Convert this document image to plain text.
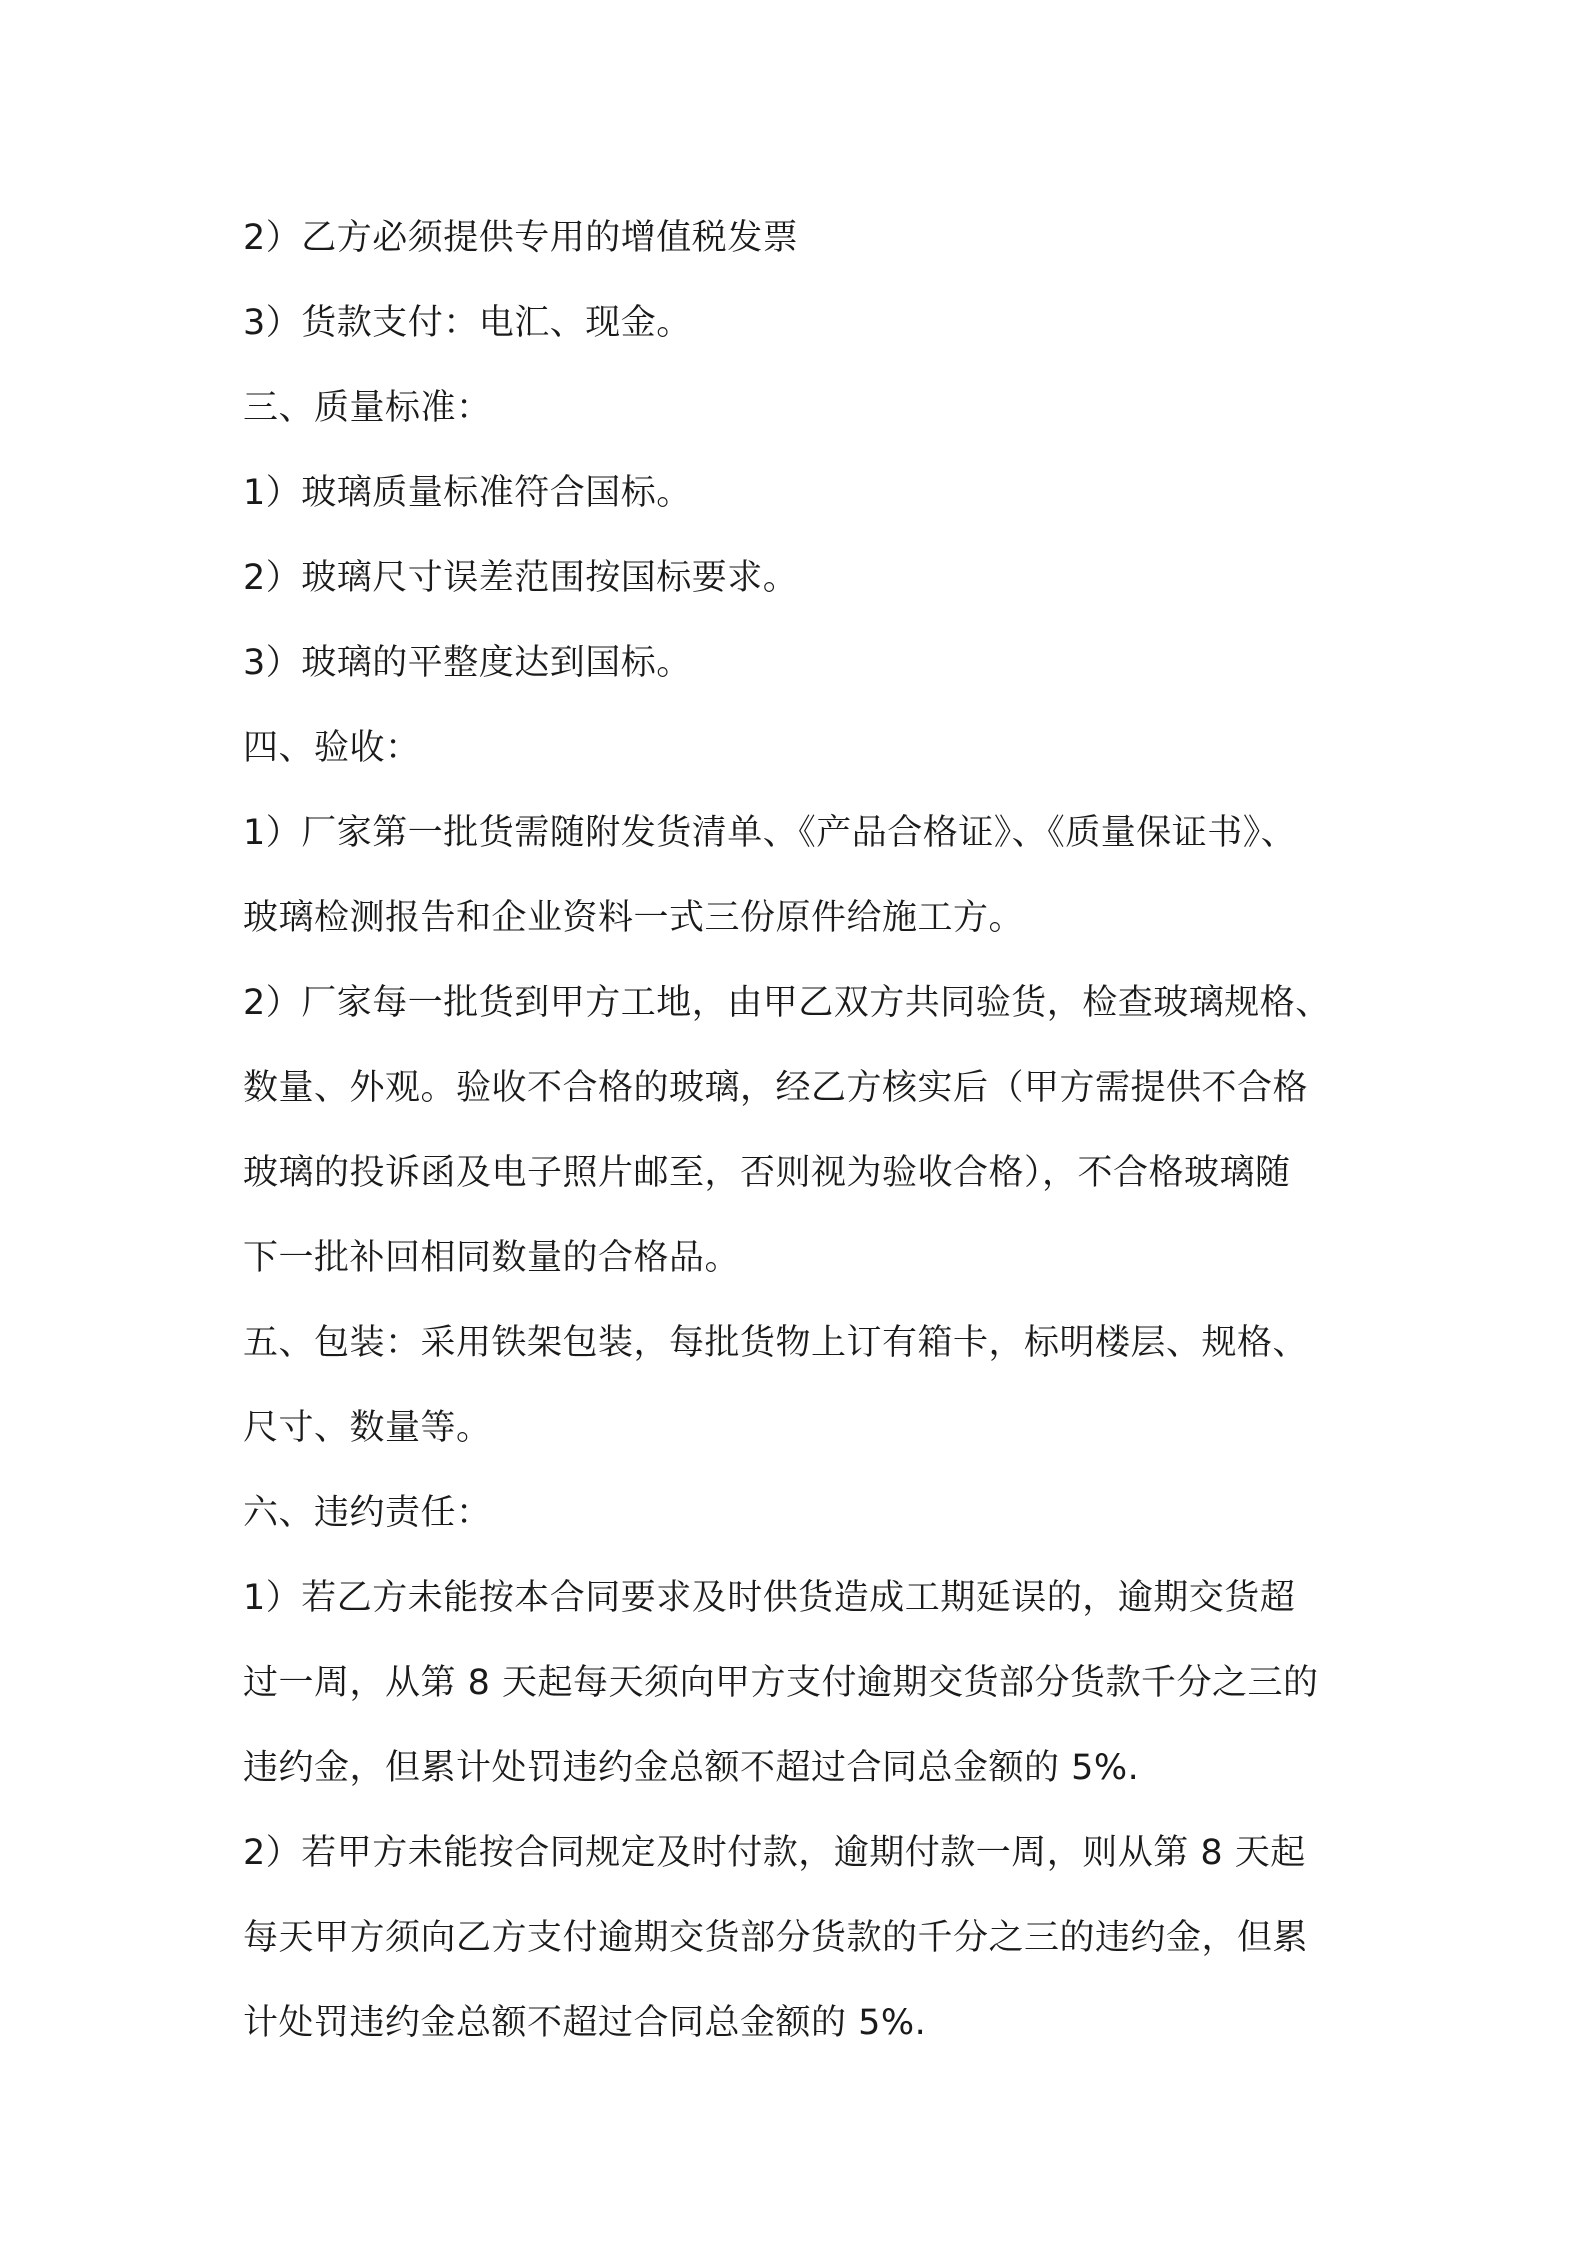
2）乙方必须提供专用的增值税发票
3）货款支付：电汇、现金。
三、质量标准：
1）玻璃质量标准符合国标。
2）玻璃尺寸误差范围按国标要求。
3）玻璃的平整度达到国标。
四、验收：
1）厂家第一批货需随附发货清单、《产品合格证》、《质量保证书》、
玻璃检测报告和企业资料一式三份原件给施工方。
2）厂家每一批货到甲方工地，由甲乙双方共同验货，检查玻璃规格、
数量、外观。验收不合格的玻璃，经乙方核实后（甲方需提供不合格
玻璃的投诉函及电子照片邮至，否则视为验收合格），不合格玻璃随
下一批补回相同数量的合格品。
五、包装：采用铁架包装，每批货物上订有箱卡，标明楼层、规格、
尺寸、数量等。
六、违约责任：
1）若乙方未能按本合同要求及时供货造成工期延误的，逾期交货超
过一周，从第 8 天起每天须向甲方支付逾期交货部分货款千分之三的
违约金，但累计处罚违约金总额不超过合同总金额的 5%.
2）若甲方未能按合同规定及时付款，逾期付款一周，则从第 8 天起
每天甲方须向乙方支付逾期交货部分货款的千分之三的违约金，但累
计处罚违约金总额不超过合同总金额的 5%.
